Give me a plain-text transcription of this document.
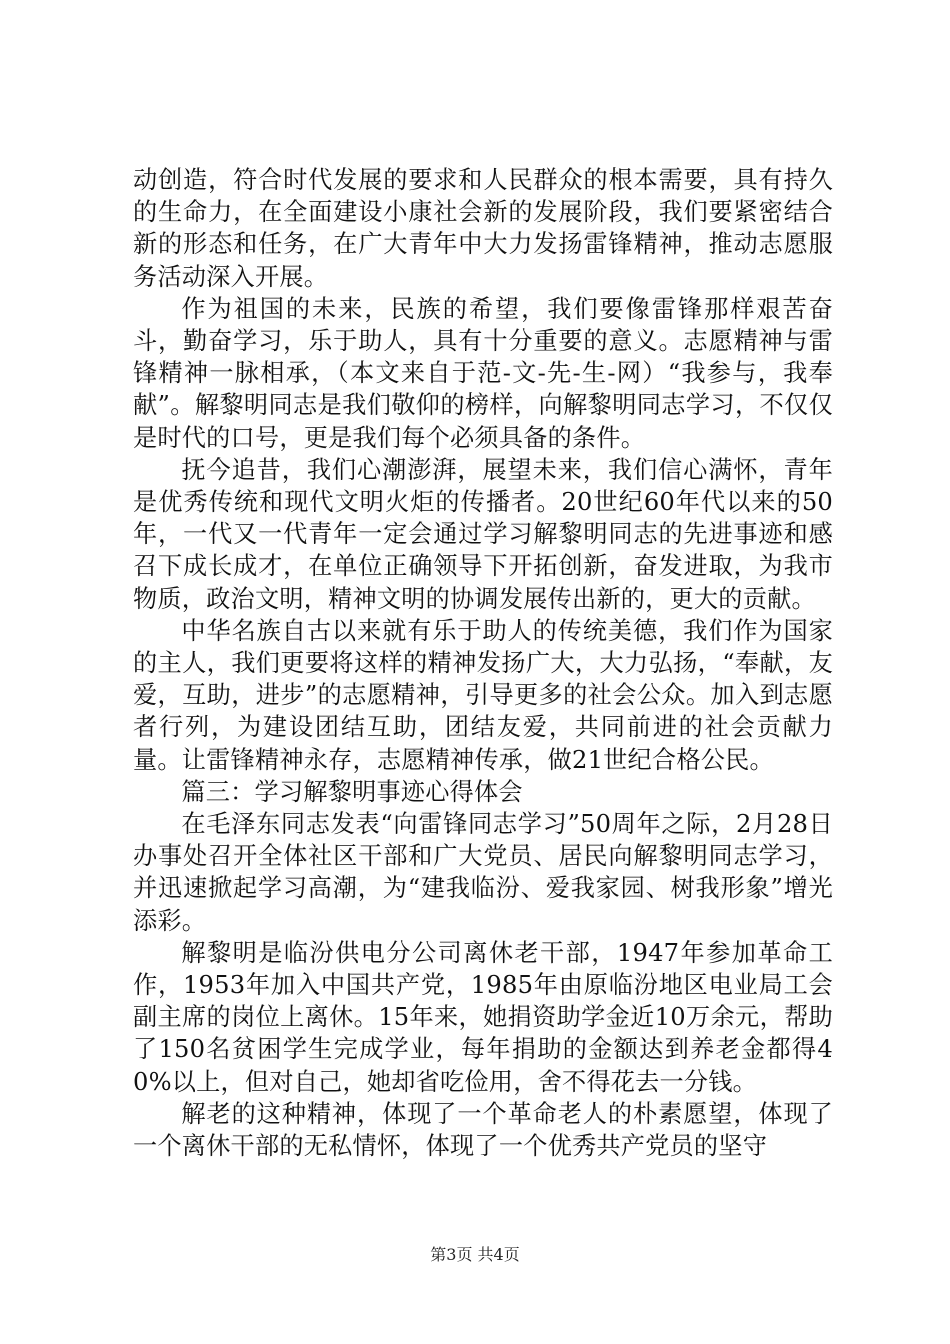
动创造，符合时代发展的要求和人民群众的根本需要，具有持久的生命力，在全面建设小康社会新的发展阶段，我们要紧密结合新的形态和任务，在广大青年中大力发扬雷锋精神，推动志愿服务活动深入开展。

作为祖国的未来，民族的希望，我们要像雷锋那样艰苦奋斗，勤奋学习，乐于助人，具有十分重要的意义。志愿精神与雷锋精神一脉相承，（本文来自于范-文-先-生-网）“我参与，我奉献”。解黎明同志是我们敬仰的榜样，向解黎明同志学习，不仅仅是时代的口号，更是我们每个必须具备的条件。

抚今追昔，我们心潮澎湃，展望未来，我们信心满怀，青年是优秀传统和现代文明火炬的传播者。20世纪60年代以来的50年，一代又一代青年一定会通过学习解黎明同志的先进事迹和感召下成长成才，在单位正确领导下开拓创新，奋发进取，为我市物质，政治文明，精神文明的协调发展传出新的，更大的贡献。

中华名族自古以来就有乐于助人的传统美德，我们作为国家的主人，我们更要将这样的精神发扬广大，大力弘扬，“奉献，友爱，互助，进步”的志愿精神，引导更多的社会公众。加入到志愿者行列，为建设团结互助，团结友爱，共同前进的社会贡献力量。让雷锋精神永存，志愿精神传承，做21世纪合格公民。

篇三：学习解黎明事迹心得体会

在毛泽东同志发表“向雷锋同志学习”50周年之际，2月28日办事处召开全体社区干部和广大党员、居民向解黎明同志学习，并迅速掀起学习高潮，为“建我临汾、爱我家园、树我形象”增光添彩。

解黎明是临汾供电分公司离休老干部，1947年参加革命工作，1953年加入中国共产党，1985年由原临汾地区电业局工会副主席的岗位上离休。15年来，她捐资助学金近10万余元，帮助了150名贫困学生完成学业，每年捐助的金额达到养老金都得40%以上，但对自己，她却省吃俭用，舍不得花去一分钱。

解老的这种精神，体现了一个革命老人的朴素愿望，体现了一个离休干部的无私情怀，体现了一个优秀共产党员的坚守

第3页 共4页
